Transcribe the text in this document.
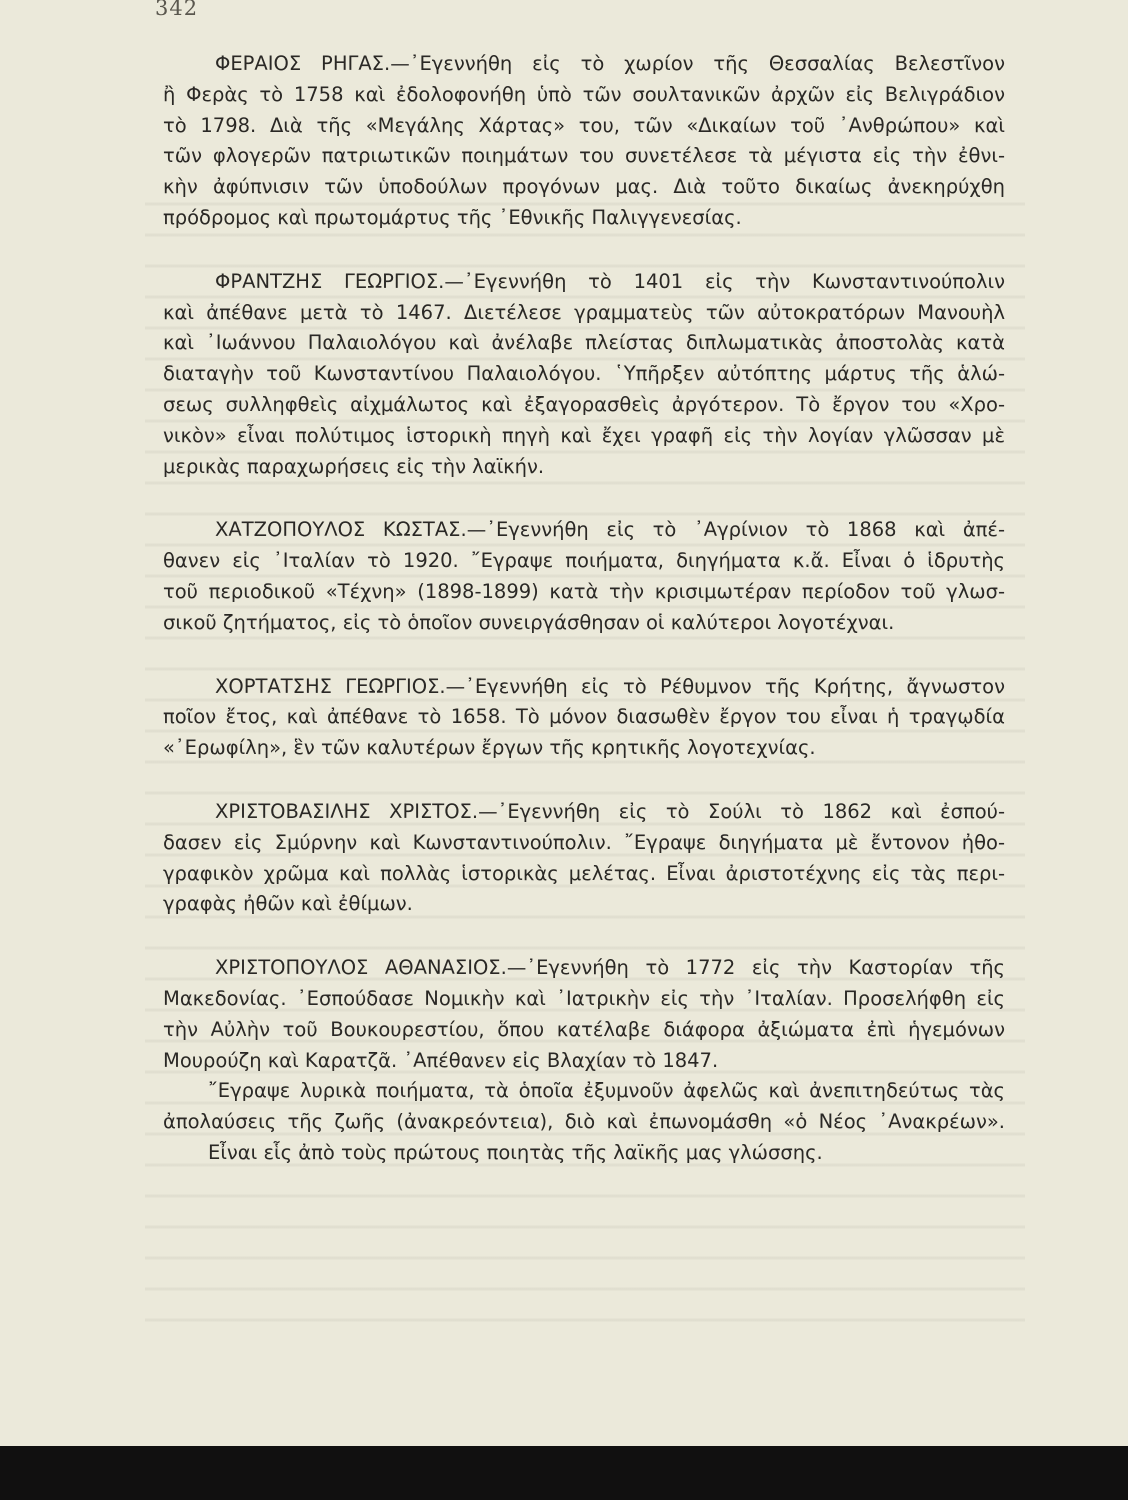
342
ΦΕΡΑΙΟΣ ΡΗΓΑΣ.—᾿Εγεννήθη εἰς τὸ χωρίον τῆς Θεσσαλίας Βελεστῖνον
ἢ Φερὰς τὸ 1758 καὶ ἐδολοφονήθη ὑπὸ τῶν σουλτανικῶν ἀρχῶν εἰς Βελιγράδιον
τὸ 1798. Διὰ τῆς «Μεγάλης Χάρτας» του, τῶν «Δικαίων τοῦ ᾿Ανθρώπου» καὶ
τῶν φλογερῶν πατριωτικῶν ποιημάτων του συνετέλεσε τὰ μέγιστα εἰς τὴν ἐθνι-
κὴν ἀφύπνισιν τῶν ὑποδούλων προγόνων μας. Διὰ τοῦτο δικαίως ἀνεκηρύχθη
πρόδρομος καὶ πρωτομάρτυς τῆς ᾿Εθνικῆς Παλιγγενεσίας.
ΦΡΑΝΤΖΗΣ ΓΕΩΡΓΙΟΣ.—᾿Εγεννήθη τὸ 1401 εἰς τὴν Κωνσταντινούπολιν
καὶ ἀπέθανε μετὰ τὸ 1467. Διετέλεσε γραμματεὺς τῶν αὐτοκρατόρων Μανουὴλ
καὶ ᾿Ιωάννου Παλαιολόγου καὶ ἀνέλαβε πλείστας διπλωματικὰς ἀποστολὰς κατὰ
διαταγὴν τοῦ Κωνσταντίνου Παλαιολόγου. ῾Υπῆρξεν αὐτόπτης μάρτυς τῆς ἁλώ-
σεως συλληφθεὶς αἰχμάλωτος καὶ ἐξαγορασθεὶς ἀργότερον. Τὸ ἔργον του «Χρο-
νικὸν» εἶναι πολύτιμος ἱστορικὴ πηγὴ καὶ ἔχει γραφῆ εἰς τὴν λογίαν γλῶσσαν μὲ
μερικὰς παραχωρήσεις εἰς τὴν λαϊκήν.
ΧΑΤΖΟΠΟΥΛΟΣ ΚΩΣΤΑΣ.—᾿Εγεννήθη εἰς τὸ ᾿Αγρίνιον τὸ 1868 καὶ ἀπέ-
θανεν εἰς ᾿Ιταλίαν τὸ 1920. ῎Εγραψε ποιήματα, διηγήματα κ.ἄ. Εἶναι ὁ ἱδρυτὴς
τοῦ περιοδικοῦ «Τέχνη» (1898-1899) κατὰ τὴν κρισιμωτέραν περίοδον τοῦ γλωσ-
σικοῦ ζητήματος, εἰς τὸ ὁποῖον συνειργάσθησαν οἱ καλύτεροι λογοτέχναι.
ΧΟΡΤΑΤΣΗΣ ΓΕΩΡΓΙΟΣ.—᾿Εγεννήθη εἰς τὸ Ρέθυμνον τῆς Κρήτης, ἄγνωστον
ποῖον ἔτος, καὶ ἀπέθανε τὸ 1658. Τὸ μόνον διασωθὲν ἔργον του εἶναι ἡ τραγῳδία
«᾿Ερωφίλη», ἓν τῶν καλυτέρων ἔργων τῆς κρητικῆς λογοτεχνίας.
ΧΡΙΣΤΟΒΑΣΙΛΗΣ ΧΡΙΣΤΟΣ.—᾿Εγεννήθη εἰς τὸ Σούλι τὸ 1862 καὶ ἐσπού-
δασεν εἰς Σμύρνην καὶ Κωνσταντινούπολιν. ῎Εγραψε διηγήματα μὲ ἔντονον ἠθο-
γραφικὸν χρῶμα καὶ πολλὰς ἱστορικὰς μελέτας. Εἶναι ἀριστοτέχνης εἰς τὰς περι-
γραφὰς ἠθῶν καὶ ἐθίμων.
ΧΡΙΣΤΟΠΟΥΛΟΣ ΑΘΑΝΑΣΙΟΣ.—᾿Εγεννήθη τὸ 1772 εἰς τὴν Καστορίαν τῆς
Μακεδονίας. ᾿Εσπούδασε Νομικὴν καὶ ᾿Ιατρικὴν εἰς τὴν ᾿Ιταλίαν. Προσελήφθη εἰς
τὴν Αὐλὴν τοῦ Βουκουρεστίου, ὅπου κατέλαβε διάφορα ἀξιώματα ἐπὶ ἡγεμόνων
Μουρούζη καὶ Καρατζᾶ. ᾿Απέθανεν εἰς Βλαχίαν τὸ 1847.
῎Εγραψε λυρικὰ ποιήματα, τὰ ὁποῖα ἐξυμνοῦν ἀφελῶς καὶ ἀνεπιτηδεύτως τὰς
ἀπολαύσεις τῆς ζωῆς (ἀνακρεόντεια), διὸ καὶ ἐπωνομάσθη «ὁ Νέος ᾿Ανακρέων».
Εἶναι εἷς ἀπὸ τοὺς πρώτους ποιητὰς τῆς λαϊκῆς μας γλώσσης.
